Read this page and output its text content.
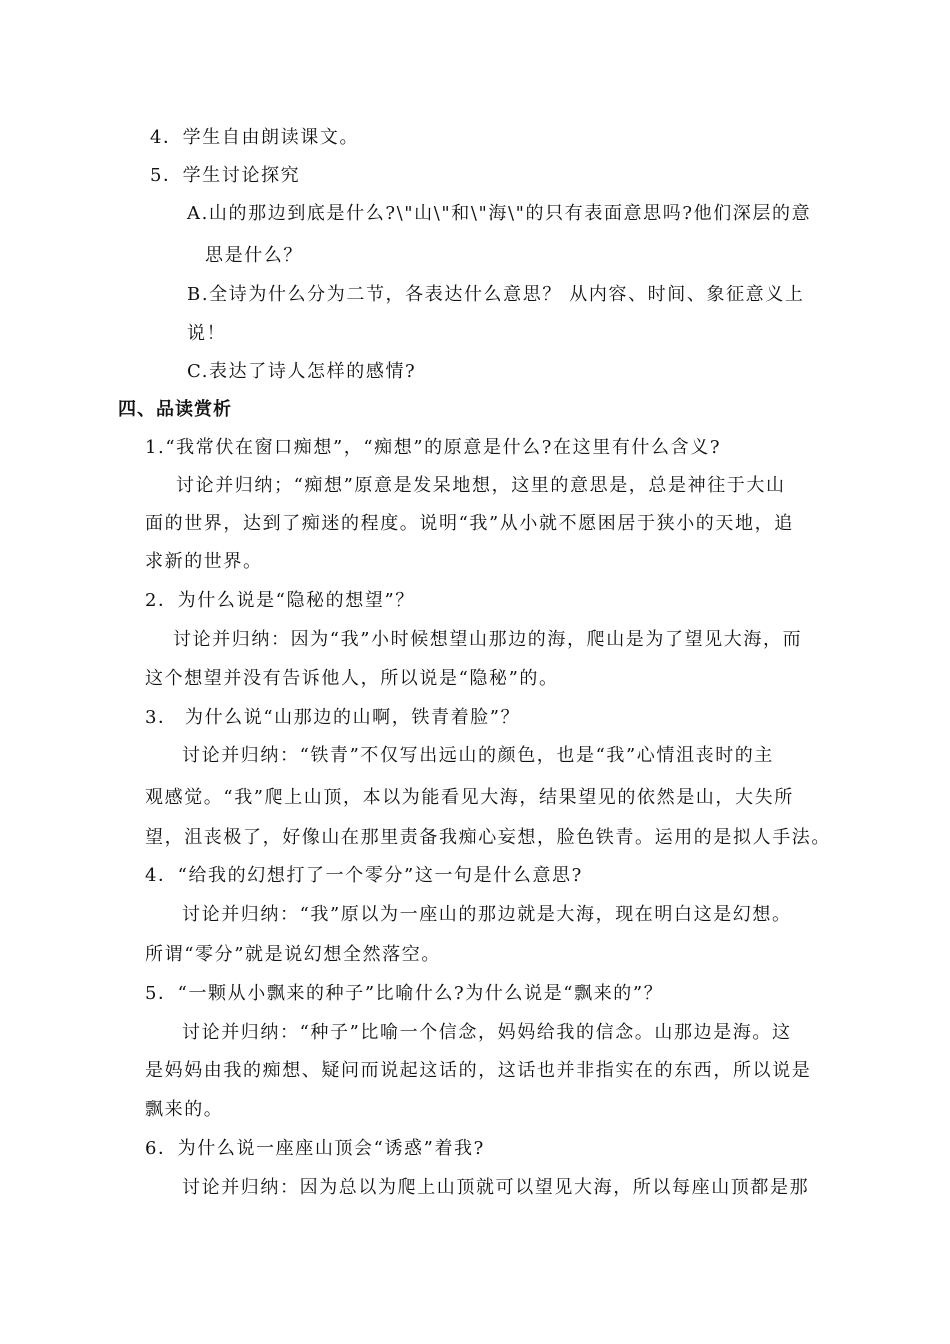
4．学生自由朗读课文。
5．学生讨论探究
A.山的那边到底是什么?\"山\"和\"海\"的只有表面意思吗?他们深层的意
思是什么？
B.全诗为什么分为二节，各表达什么意思？ 从内容、时间、象征意义上
说！
C.表达了诗人怎样的感情?
四、品读赏析
1.“我常伏在窗口痴想”，“痴想”的原意是什么?在这里有什么含义?
讨论并归纳；“痴想”原意是发呆地想，这里的意思是，总是神往于大山
面的世界，达到了痴迷的程度。说明“我”从小就不愿困居于狭小的天地，追
求新的世界。
2．为什么说是“隐秘的想望”？
讨论并归纳：因为“我”小时候想望山那边的海，爬山是为了望见大海，而
这个想望并没有告诉他人，所以说是“隐秘”的。
3． 为什么说“山那边的山啊，铁青着脸”？
讨论并归纳：“铁青”不仅写出远山的颜色，也是“我”心情沮丧时的主
观感觉。“我”爬上山顶，本以为能看见大海，结果望见的依然是山，大失所
望，沮丧极了，好像山在那里责备我痴心妄想，脸色铁青。运用的是拟人手法。
4．“给我的幻想打了一个零分”这一句是什么意思?
讨论并归纳：“我”原以为一座山的那边就是大海，现在明白这是幻想。
所谓“零分”就是说幻想全然落空。
5．“一颗从小飘来的种子”比喻什么?为什么说是“飘来的”？
讨论并归纳：“种子”比喻一个信念，妈妈给我的信念。山那边是海。这
是妈妈由我的痴想、疑问而说起这话的，这话也并非指实在的东西，所以说是
飘来的。
6．为什么说一座座山顶会“诱惑”着我?
讨论并归纳：因为总以为爬上山顶就可以望见大海，所以每座山顶都是那
